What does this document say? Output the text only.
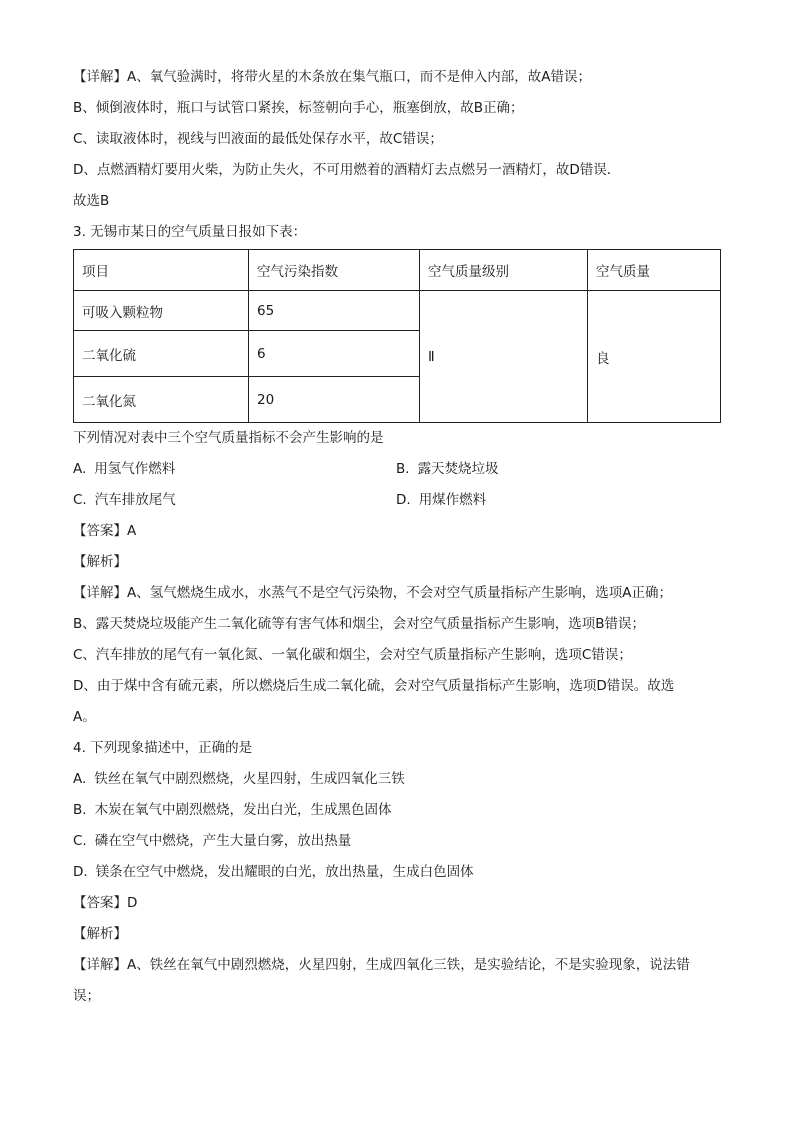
【详解】A、氧气验满时，将带火星的木条放在集气瓶口，而不是伸入内部，故A错误；
B、倾倒液体时，瓶口与试管口紧挨，标签朝向手心，瓶塞倒放，故B正确；
C、读取液体时，视线与凹液面的最低处保存水平，故C错误；
D、点燃酒精灯要用火柴，为防止失火，不可用燃着的酒精灯去点燃另一酒精灯，故D错误．
故选B
3. 无锡市某日的空气质量日报如下表：
项目	空气污染指数	空气质量级别	空气质量
可吸入颗粒物	65	Ⅱ	良
二氧化硫	6		
二氧化氮	20		
下列情况对表中三个空气质量指标不会产生影响的是
A. 用氢气作燃料	B. 露天焚烧垃圾
C. 汽车排放尾气	D. 用煤作燃料
【答案】A
【解析】
【详解】A、氢气燃烧生成水，水蒸气不是空气污染物，不会对空气质量指标产生影响，选项A正确；
B、露天焚烧垃圾能产生二氧化硫等有害气体和烟尘，会对空气质量指标产生影响，选项B错误；
C、汽车排放的尾气有一氧化氮、一氧化碳和烟尘，会对空气质量指标产生影响，选项C错误；
D、由于煤中含有硫元素，所以燃烧后生成二氧化硫，会对空气质量指标产生影响，选项D错误。故选
A。
4. 下列现象描述中，正确的是
A. 铁丝在氧气中剧烈燃烧，火星四射，生成四氧化三铁
B. 木炭在氧气中剧烈燃烧，发出白光，生成黑色固体
C. 磷在空气中燃烧，产生大量白雾，放出热量
D. 镁条在空气中燃烧，发出耀眼的白光，放出热量，生成白色固体
【答案】D
【解析】
【详解】A、铁丝在氧气中剧烈燃烧，火星四射，生成四氧化三铁，是实验结论，不是实验现象，说法错
误；
